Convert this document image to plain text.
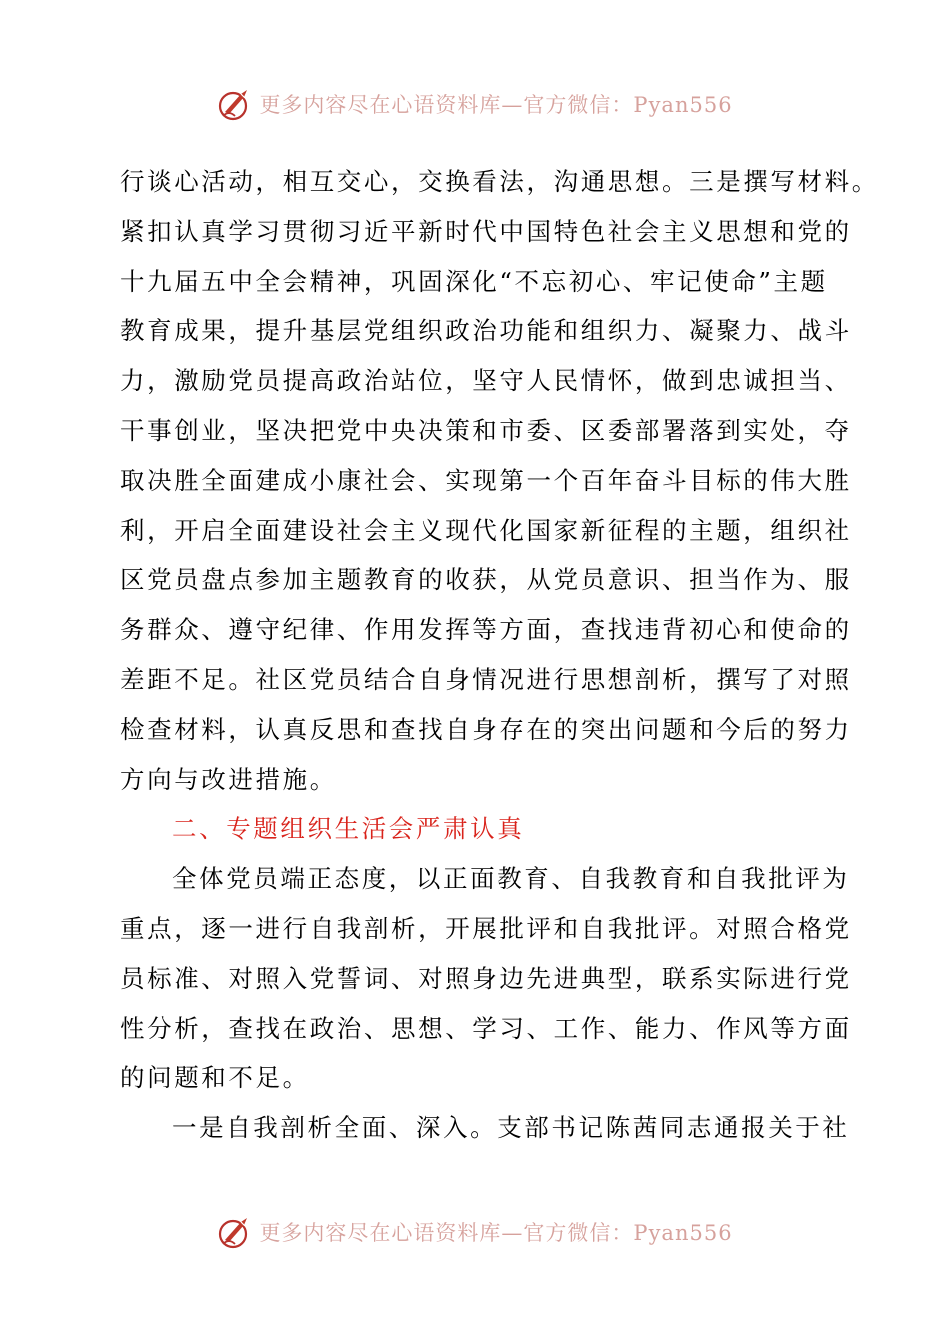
更多内容尽在心语资料库—官方微信：Pyan556

行谈心活动，相互交心，交换看法，沟通思想。三是撰写材料。

紧扣认真学习贯彻习近平新时代中国特色社会主义思想和党的

十九届五中全会精神，巩固深化“不忘初心、牢记使命”主题

教育成果，提升基层党组织政治功能和组织力、凝聚力、战斗

力，激励党员提高政治站位，坚守人民情怀，做到忠诚担当、

干事创业，坚决把党中央决策和市委、区委部署落到实处，夺

取决胜全面建成小康社会、实现第一个百年奋斗目标的伟大胜

利，开启全面建设社会主义现代化国家新征程的主题，组织社

区党员盘点参加主题教育的收获，从党员意识、担当作为、服

务群众、遵守纪律、作用发挥等方面，查找违背初心和使命的

差距不足。社区党员结合自身情况进行思想剖析，撰写了对照

检查材料，认真反思和查找自身存在的突出问题和今后的努力

方向与改进措施。

二、专题组织生活会严肃认真

全体党员端正态度，以正面教育、自我教育和自我批评为

重点，逐一进行自我剖析，开展批评和自我批评。对照合格党

员标准、对照入党誓词、对照身边先进典型，联系实际进行党

性分析，查找在政治、思想、学习、工作、能力、作风等方面

的问题和不足。

一是自我剖析全面、深入。支部书记陈茜同志通报关于社

更多内容尽在心语资料库—官方微信：Pyan556
